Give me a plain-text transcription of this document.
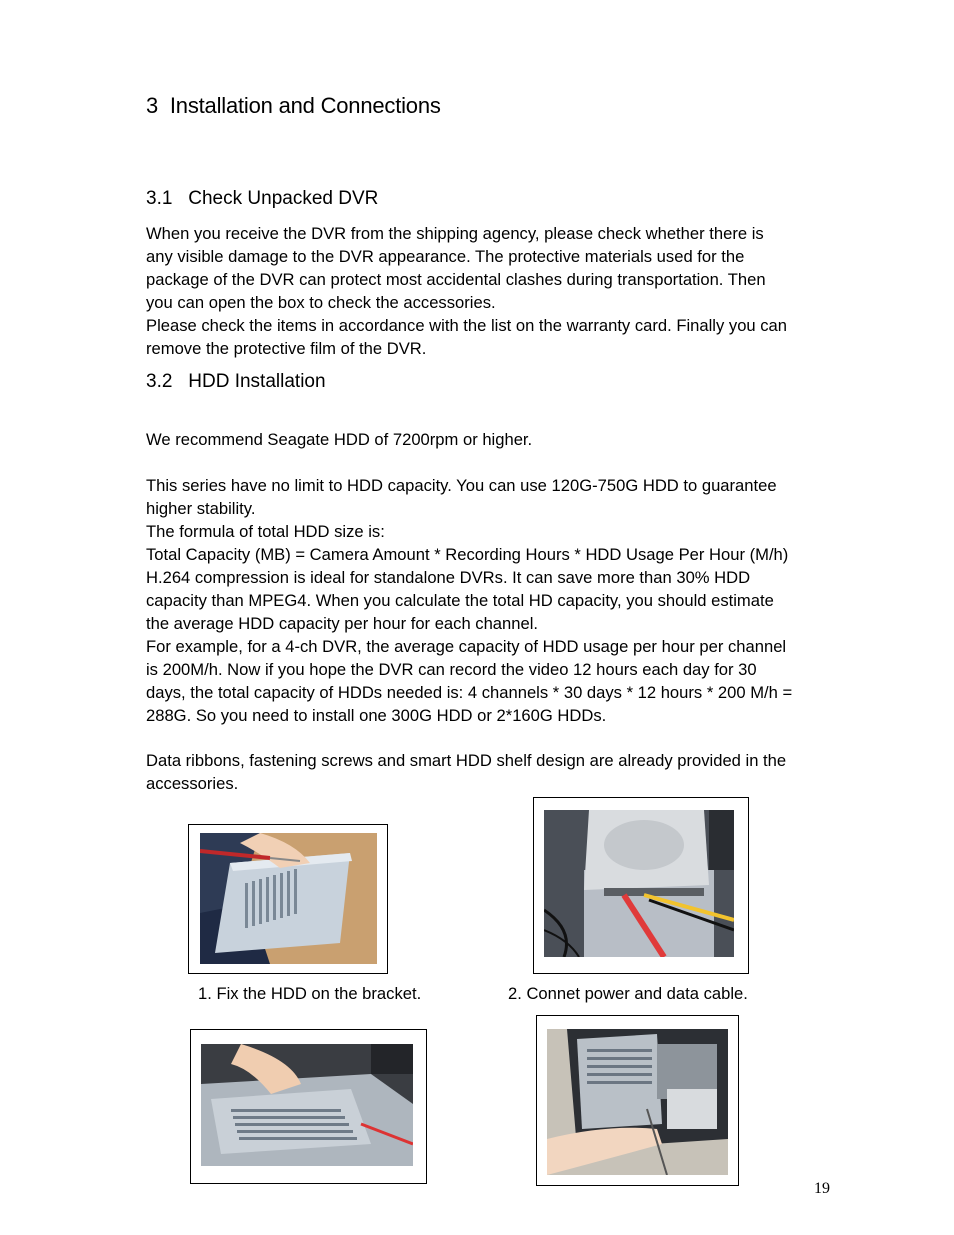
3 Installation and Connections
3.1 Check Unpacked DVR
When you receive the DVR from the shipping agency, please check whether there is
any visible damage to the DVR appearance. The protective materials used for the
package of the DVR can protect most accidental clashes during transportation. Then
you can open the box to check the accessories.
Please check the items in accordance with the list on the warranty card. Finally you can
remove the protective film of the DVR.
3.2 HDD Installation
We recommend Seagate HDD of 7200rpm or higher.
This series have no limit to HDD capacity. You can use 120G-750G HDD to guarantee
higher stability.
The formula of total HDD size is:
Total Capacity (MB) = Camera Amount * Recording Hours * HDD Usage Per Hour (M/h)
H.264 compression is ideal for standalone DVRs. It can save more than 30% HDD
capacity than MPEG4. When you calculate the total HD capacity, you should estimate
the average HDD capacity per hour for each channel.
For example, for a 4-ch DVR, the average capacity of HDD usage per hour per channel
is 200M/h. Now if you hope the DVR can record the video 12 hours each day for 30
days, the total capacity of HDDs needed is: 4 channels * 30 days * 12 hours * 200 M/h =
288G. So you need to install one 300G HDD or 2*160G HDDs.
Data ribbons, fastening screws and smart HDD shelf design are already provided in the
accessories.
1. Fix the HDD on the bracket.	2. Connet power and data cable.
19
